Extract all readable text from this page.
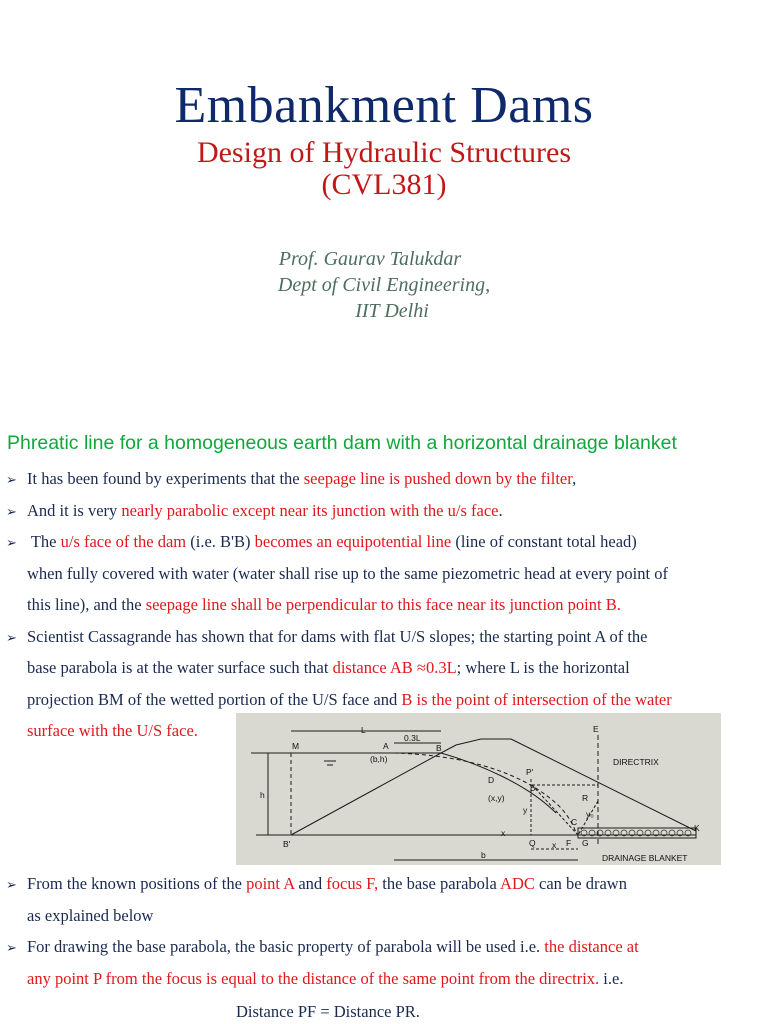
Embankment Dams
Design of Hydraulic Structures
(CVL381)
Prof. Gaurav Talukdar
Dept of Civil Engineering,
IIT Delhi
Phreatic line for a homogeneous earth dam with a horizontal drainage blanket
➢ It has been found by experiments that the seepage line is pushed down by the filter,
➢ And it is very nearly parabolic except near its junction with the u/s face.
➢ The u/s face of the dam (i.e. B'B) becomes an equipotential line (line of constant total head)
when fully covered with water (water shall rise up to the same piezometric head at every point of
this line), and the seepage line shall be perpendicular to this face near its junction point B.
➢ Scientist Cassagrande has shown that for dams with flat U/S slopes; the starting point A of the
base parabola is at the water surface such that distance AB ≈0.3L; where L is the horizontal
projection BM of the wetted portion of the U/S face and B is the point of intersection of the water
surface with the U/S face.
M	A	B
L
0.3L
(b,h)
h
B'
D
P'
P
(x,y)
y
x
Q x
C
G
F
R
E
y₀
b
K
DIRECTRIX
DRAINAGE BLANKET
➢ From the known positions of the point A and focus F, the base parabola ADC can be drawn
as explained below
➢ For drawing the base parabola, the basic property of parabola will be used i.e. the distance at
any point P from the focus is equal to the distance of the same point from the directrix. i.e.
Distance PF = Distance PR.
